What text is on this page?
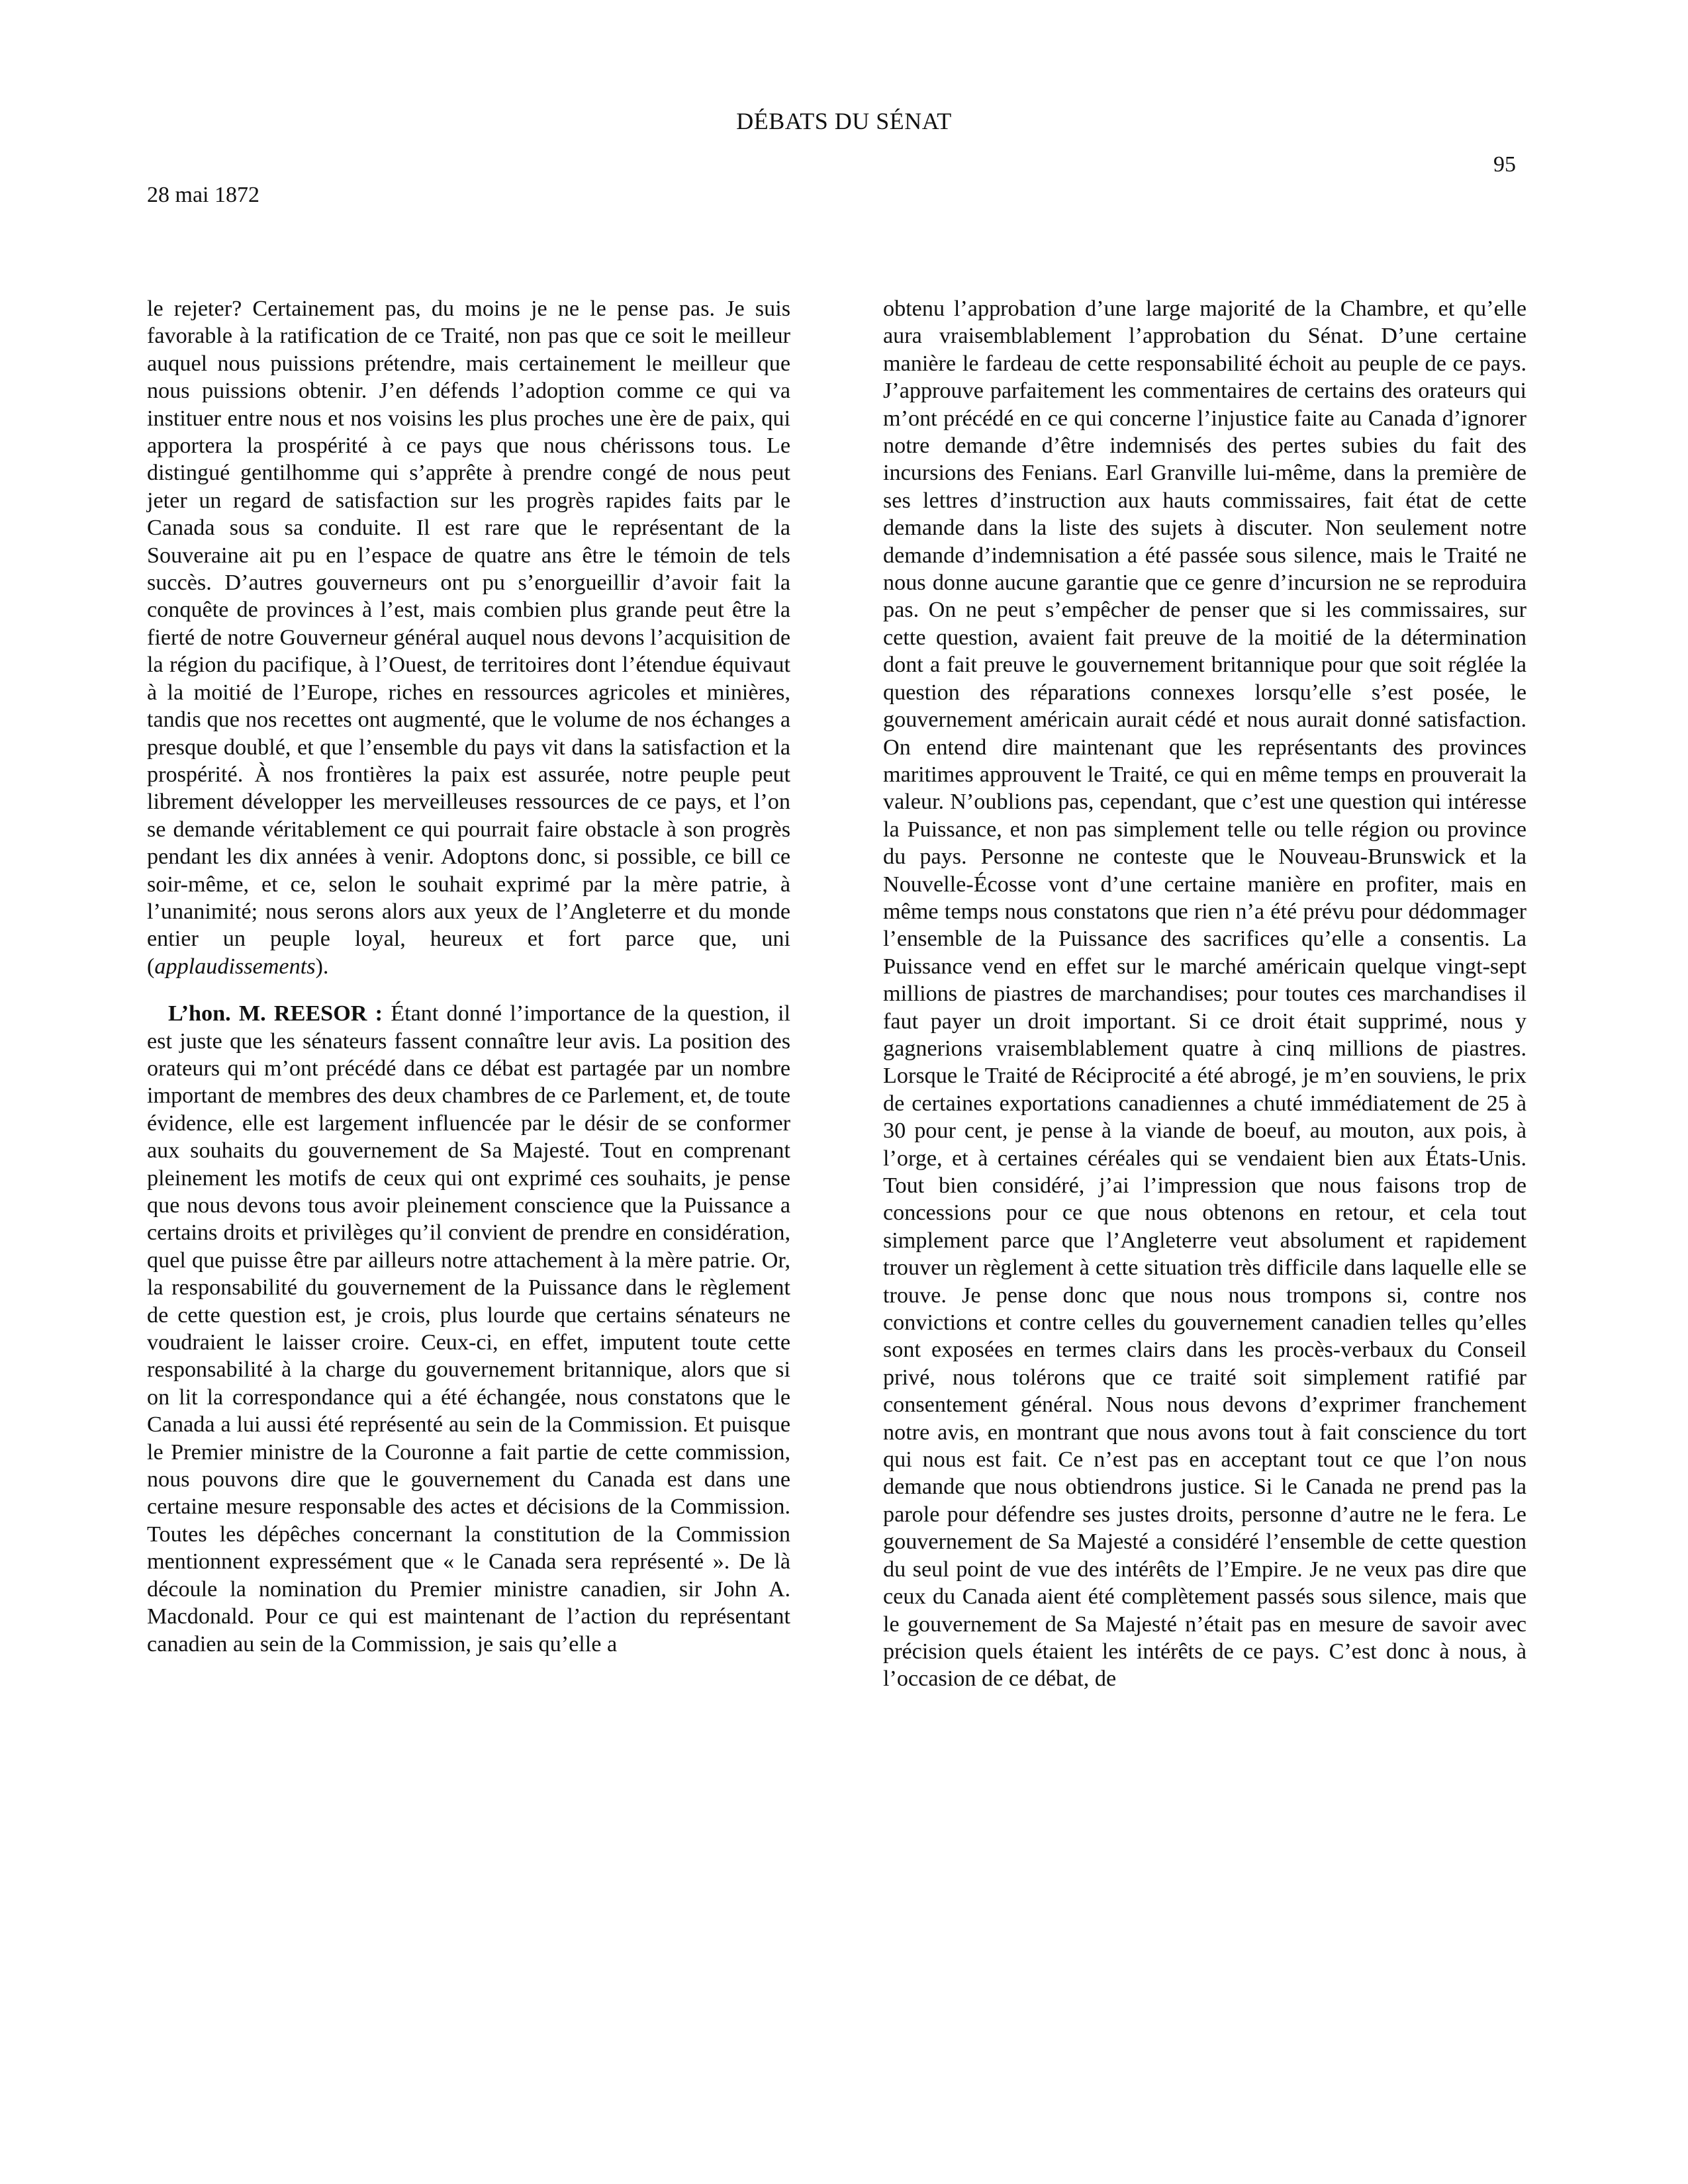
DÉBATS DU SÉNAT
95
28 mai 1872

le rejeter? Certainement pas, du moins je ne le pense pas. Je suis favorable à la ratification de ce Traité, non pas que ce soit le meilleur auquel nous puissions prétendre, mais certainement le meilleur que nous puissions obtenir. J’en défends l’adoption comme ce qui va instituer entre nous et nos voisins les plus proches une ère de paix, qui apportera la prospérité à ce pays que nous chérissons tous. Le distingué gentilhomme qui s’apprête à prendre congé de nous peut jeter un regard de satisfaction sur les progrès rapides faits par le Canada sous sa conduite. Il est rare que le représentant de la Souveraine ait pu en l’espace de quatre ans être le témoin de tels succès. D’autres gouverneurs ont pu s’enorgueillir d’avoir fait la conquête de provinces à l’est, mais combien plus grande peut être la fierté de notre Gouverneur général auquel nous devons l’acquisition de la région du pacifique, à l’Ouest, de territoires dont l’étendue équivaut à la moitié de l’Europe, riches en ressources agricoles et minières, tandis que nos recettes ont augmenté, que le volume de nos échanges a presque doublé, et que l’ensemble du pays vit dans la satisfaction et la prospérité. À nos frontières la paix est assurée, notre peuple peut librement développer les merveilleuses ressources de ce pays, et l’on se demande véritablement ce qui pourrait faire obstacle à son progrès pendant les dix années à venir. Adoptons donc, si possible, ce bill ce soir-même, et ce, selon le souhait exprimé par la mère patrie, à l’unanimité; nous serons alors aux yeux de l’Angleterre et du monde entier un peuple loyal, heureux et fort parce que, uni (applaudissements).

L’hon. M. REESOR : Étant donné l’importance de la question, il est juste que les sénateurs fassent connaître leur avis. La position des orateurs qui m’ont précédé dans ce débat est partagée par un nombre important de membres des deux chambres de ce Parlement, et, de toute évidence, elle est largement influencée par le désir de se conformer aux souhaits du gouvernement de Sa Majesté. Tout en comprenant pleinement les motifs de ceux qui ont exprimé ces souhaits, je pense que nous devons tous avoir pleinement conscience que la Puissance a certains droits et privilèges qu’il convient de prendre en considération, quel que puisse être par ailleurs notre attachement à la mère patrie. Or, la responsabilité du gouvernement de la Puissance dans le règlement de cette question est, je crois, plus lourde que certains sénateurs ne voudraient le laisser croire. Ceux-ci, en effet, imputent toute cette responsabilité à la charge du gouvernement britannique, alors que si on lit la correspondance qui a été échangée, nous constatons que le Canada a lui aussi été représenté au sein de la Commission. Et puisque le Premier ministre de la Couronne a fait partie de cette commission, nous pouvons dire que le gouvernement du Canada est dans une certaine mesure responsable des actes et décisions de la Commission. Toutes les dépêches concernant la constitution de la Commission mentionnent expressément que « le Canada sera représenté ». De là découle la nomination du Premier ministre canadien, sir John A. Macdonald. Pour ce qui est maintenant de l’action du représentant canadien au sein de la Commission, je sais qu’elle a

obtenu l’approbation d’une large majorité de la Chambre, et qu’elle aura vraisemblablement l’approbation du Sénat. D’une certaine manière le fardeau de cette responsabilité échoit au peuple de ce pays. J’approuve parfaitement les commentaires de certains des orateurs qui m’ont précédé en ce qui concerne l’injustice faite au Canada d’ignorer notre demande d’être indemnisés des pertes subies du fait des incursions des Fenians. Earl Granville lui-même, dans la première de ses lettres d’instruction aux hauts commissaires, fait état de cette demande dans la liste des sujets à discuter. Non seulement notre demande d’indemnisation a été passée sous silence, mais le Traité ne nous donne aucune garantie que ce genre d’incursion ne se reproduira pas. On ne peut s’empêcher de penser que si les commissaires, sur cette question, avaient fait preuve de la moitié de la détermination dont a fait preuve le gouvernement britannique pour que soit réglée la question des réparations connexes lorsqu’elle s’est posée, le gouvernement américain aurait cédé et nous aurait donné satisfaction. On entend dire maintenant que les représentants des provinces maritimes approuvent le Traité, ce qui en même temps en prouverait la valeur. N’oublions pas, cependant, que c’est une question qui intéresse la Puissance, et non pas simplement telle ou telle région ou province du pays. Personne ne conteste que le Nouveau-Brunswick et la Nouvelle-Écosse vont d’une certaine manière en profiter, mais en même temps nous constatons que rien n’a été prévu pour dédommager l’ensemble de la Puissance des sacrifices qu’elle a consentis. La Puissance vend en effet sur le marché américain quelque vingt-sept millions de piastres de marchandises; pour toutes ces marchandises il faut payer un droit important. Si ce droit était supprimé, nous y gagnerions vraisemblablement quatre à cinq millions de piastres. Lorsque le Traité de Réciprocité a été abrogé, je m’en souviens, le prix de certaines exportations canadiennes a chuté immédiatement de 25 à 30 pour cent, je pense à la viande de boeuf, au mouton, aux pois, à l’orge, et à certaines céréales qui se vendaient bien aux États-Unis. Tout bien considéré, j’ai l’impression que nous faisons trop de concessions pour ce que nous obtenons en retour, et cela tout simplement parce que l’Angleterre veut absolument et rapidement trouver un règlement à cette situation très difficile dans laquelle elle se trouve. Je pense donc que nous nous trompons si, contre nos convictions et contre celles du gouvernement canadien telles qu’elles sont exposées en termes clairs dans les procès-verbaux du Conseil privé, nous tolérons que ce traité soit simplement ratifié par consentement général. Nous nous devons d’exprimer franchement notre avis, en montrant que nous avons tout à fait conscience du tort qui nous est fait. Ce n’est pas en acceptant tout ce que l’on nous demande que nous obtiendrons justice. Si le Canada ne prend pas la parole pour défendre ses justes droits, personne d’autre ne le fera. Le gouvernement de Sa Majesté a considéré l’ensemble de cette question du seul point de vue des intérêts de l’Empire. Je ne veux pas dire que ceux du Canada aient été complètement passés sous silence, mais que le gouvernement de Sa Majesté n’était pas en mesure de savoir avec précision quels étaient les intérêts de ce pays. C’est donc à nous, à l’occasion de ce débat, de
